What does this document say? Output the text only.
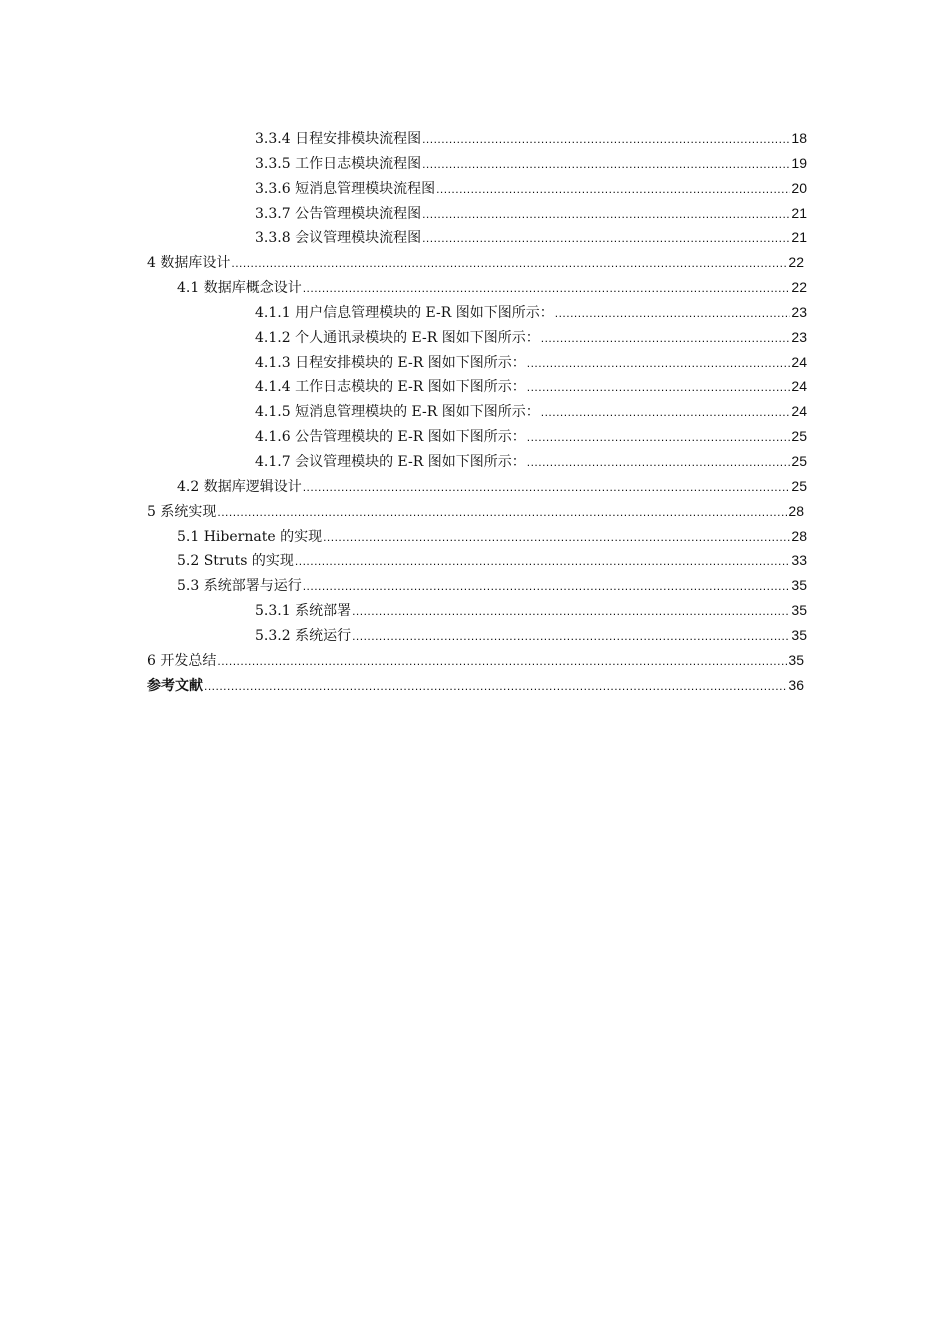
3.3.4 日程安排模块流程图 .....	18
3.3.5 工作日志模块流程图 .....	19
3.3.6 短消息管理模块流程图 .....	20
3.3.7 公告管理模块流程图 .....	21
3.3.8 会议管理模块流程图 .....	21
4 数据库设计 .....	22
4.1 数据库概念设计 .....	22
4.1.1 用户信息管理模块的 E-R 图如下图所示： .....	23
4.1.2 个人通讯录模块的 E-R 图如下图所示： .....	23
4.1.3 日程安排模块的 E-R 图如下图所示： .....	24
4.1.4 工作日志模块的 E-R 图如下图所示： .....	24
4.1.5 短消息管理模块的 E-R 图如下图所示： .....	24
4.1.6 公告管理模块的 E-R 图如下图所示： .....	25
4.1.7 会议管理模块的 E-R 图如下图所示： .....	25
4.2 数据库逻辑设计 .....	25
5 系统实现 .....	28
5.1 Hibernate 的实现 .....	28
5.2 Struts 的实现 .....	33
5.3 系统部署与运行 .....	35
5.3.1 系统部署 .....	35
5.3.2 系统运行 .....	35
6 开发总结 .....	35
参考文献 .....	36
